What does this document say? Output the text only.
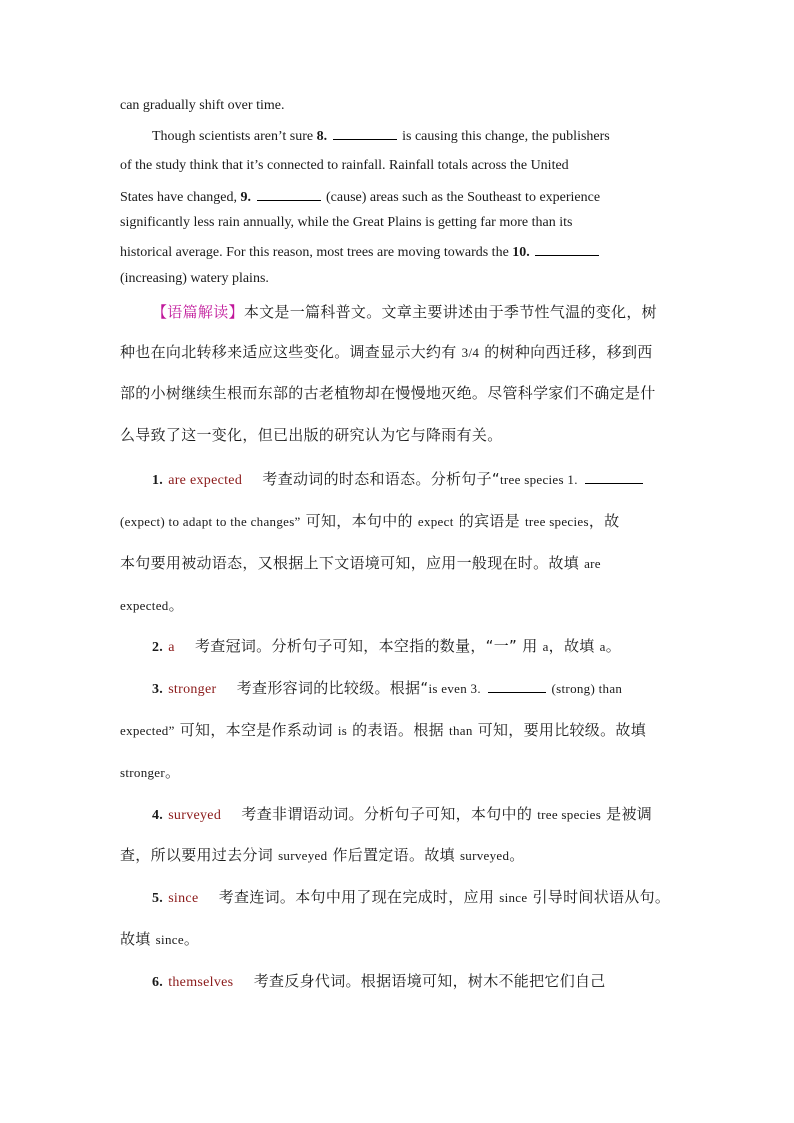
can gradually shift over time.
Though scientists aren’t sure 8.	is causing this change, the publishers
of the study think that it’s connected to rainfall. Rainfall totals across the United
States have changed, 9.	(cause) areas such as the Southeast to experience
significantly less rain annually, while the Great Plains is getting far more than its
historical average. For this reason, most trees are moving towards the 10.
(increasing) watery plains.
【语篇解读】本文是一篇科普文。文章主要讲述由于季节性气温的变化，树
种也在向北转移来适应这些变化。调查显示大约有 3/4 的树种向西迁移，移到西
部的小树继续生根而东部的古老植物却在慢慢地灭绝。尽管科学家们不确定是什
么导致了这一变化，但已出版的研究认为它与降雨有关。
1. are expected 考查动词的时态和语态。分析句子“tree species 1.
(expect) to adapt to the changes” 可知，本句中的 expect 的宾语是 tree species，故
本句要用被动语态，又根据上下文语境可知，应用一般现在时。故填 are
expected。
2. a 考查冠词。分析句子可知，本空指的数量，“一” 用 a，故填 a。
3. stronger 考查形容词的比较级。根据“is even 3.	(strong) than
expected” 可知，本空是作系动词 is 的表语。根据 than 可知，要用比较级。故填
stronger。
4. surveyed 考查非谓语动词。分析句子可知，本句中的 tree species 是被调
查，所以要用过去分词 surveyed 作后置定语。故填 surveyed。
5. since 考查连词。本句中用了现在完成时，应用 since 引导时间状语从句。
故填 since。
6. themselves 考查反身代词。根据语境可知，树木不能把它们自己
